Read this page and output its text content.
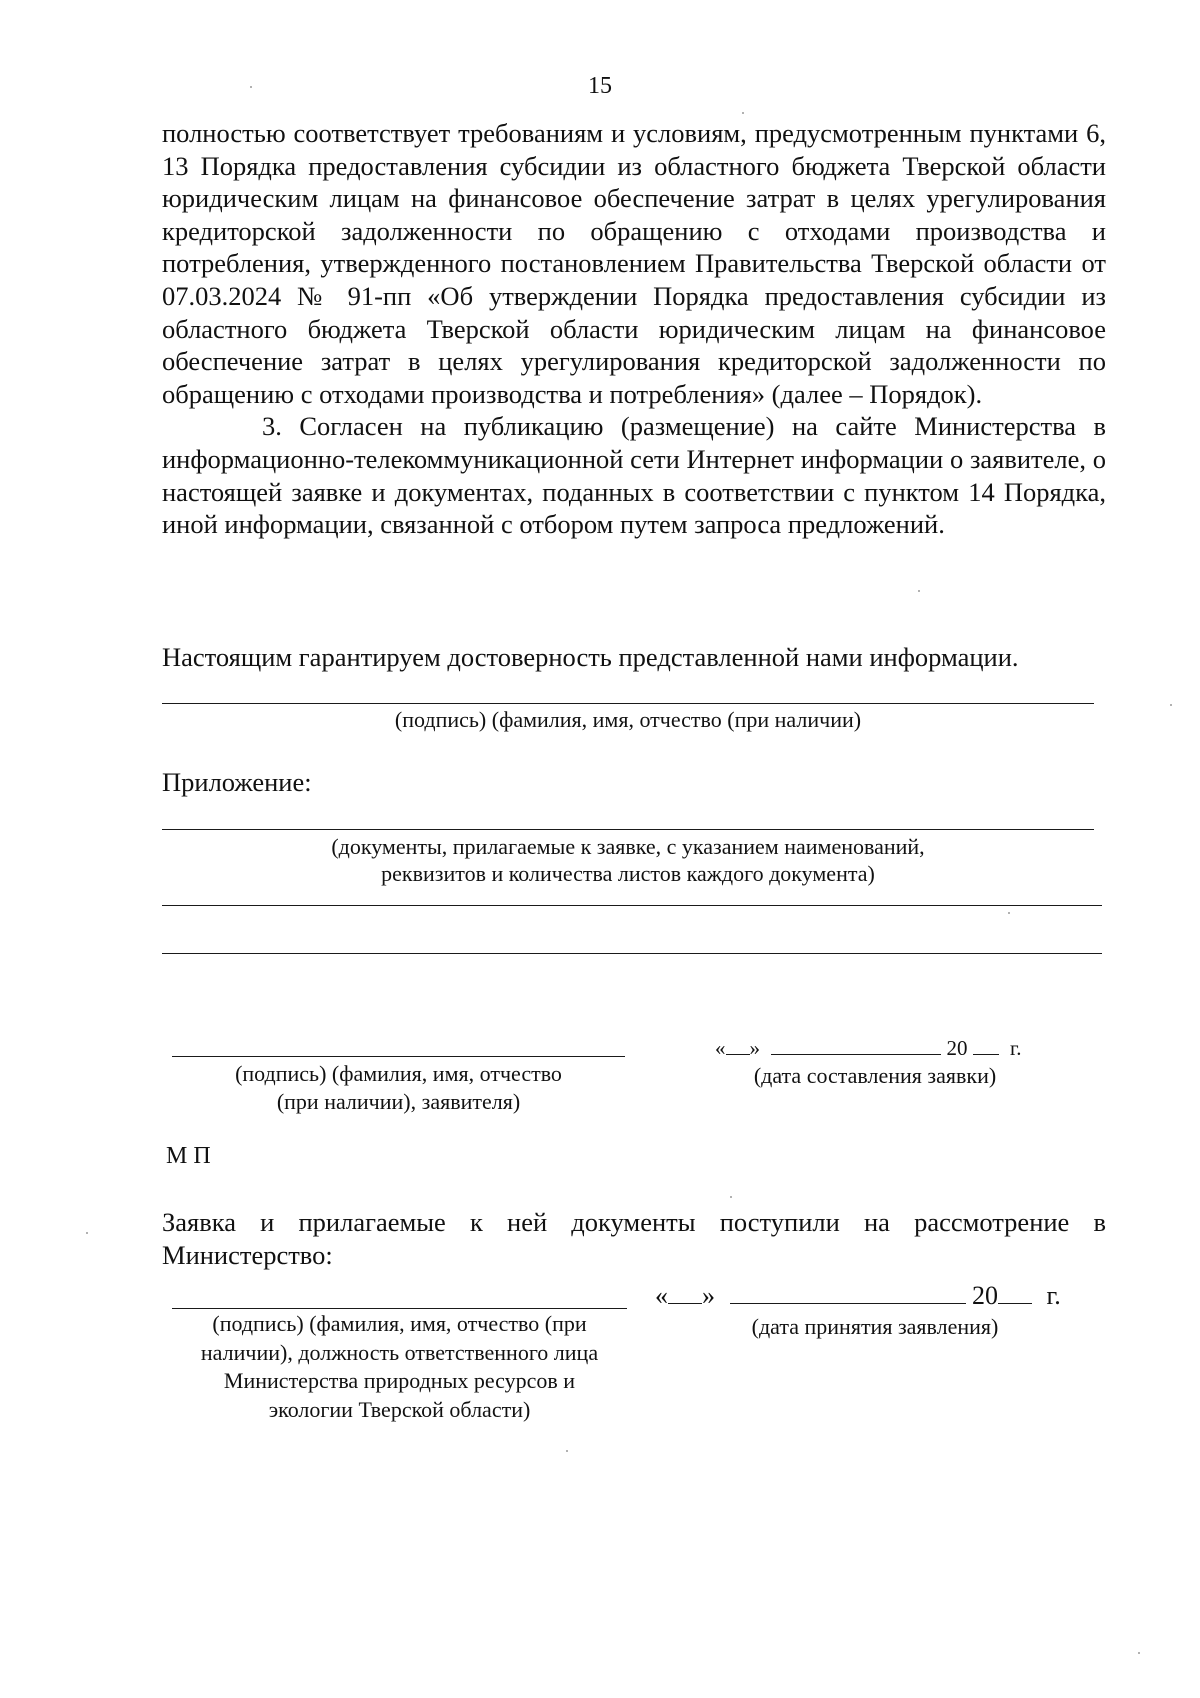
15

полностью соответствует требованиям и условиям, предусмотренным пунктами 6, 13 Порядка предоставления субсидии из областного бюджета Тверской области юридическим лицам на финансовое обеспечение затрат в целях урегулирования кредиторской задолженности по обращению с отходами производства и потребления, утвержденного постановлением Правительства Тверской области от 07.03.2024 № 91-пп «Об утверждении Порядка предоставления субсидии из областного бюджета Тверской области юридическим лицам на финансовое обеспечение затрат в целях урегулирования кредиторской задолженности по обращению с отходами производства и потребления» (далее – Порядок).

3. Согласен на публикацию (размещение) на сайте Министерства в информационно-телекоммуникационной сети Интернет информации о заявителе, о настоящей заявке и документах, поданных в соответствии с пунктом 14 Порядка, иной информации, связанной с отбором путем запроса предложений.

Настоящим гарантируем достоверность представленной нами информации.
(подпись) (фамилия, имя, отчество (при наличии)
Приложение:
(документы, прилагаемые к заявке, с указанием наименований,
реквизитов и количества листов каждого документа)
(подпись) (фамилия, имя, отчество
(при наличии), заявителя)
« »	20 г.
(дата составления заявки)
М П
Заявка и прилагаемые к ней документы поступили на рассмотрение в Министерство:
(подпись) (фамилия, имя, отчество (при
наличии), должность ответственного лица
Министерства природных ресурсов и
экологии Тверской области)
« »	20 г.
(дата принятия заявления)
